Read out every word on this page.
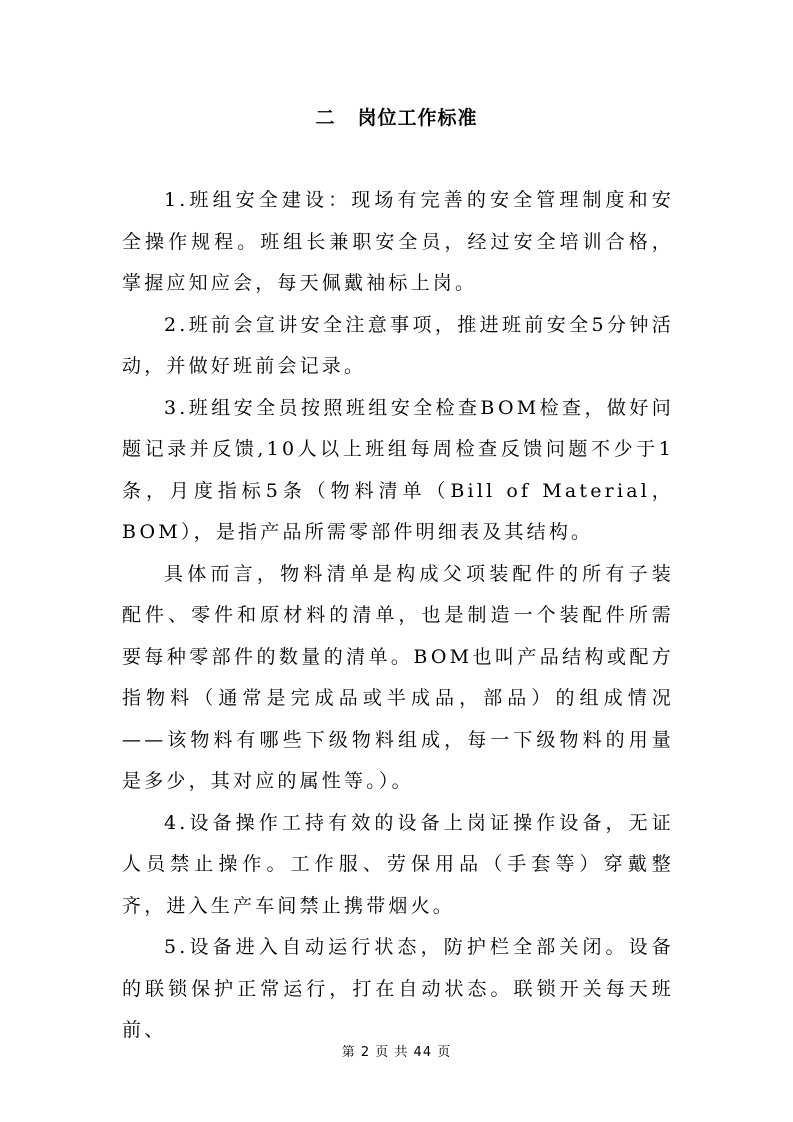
二 岗位工作标准

1.班组安全建设：现场有完善的安全管理制度和安全操作规程。班组长兼职安全员，经过安全培训合格，掌握应知应会，每天佩戴袖标上岗。

2.班前会宣讲安全注意事项，推进班前安全5分钟活动，并做好班前会记录。

3.班组安全员按照班组安全检查BOM检查，做好问题记录并反馈,10人以上班组每周检查反馈问题不少于1条，月度指标5条（物料清单（Bill of Material，BOM），是指产品所需零部件明细表及其结构。

具体而言，物料清单是构成父项装配件的所有子装配件、零件和原材料的清单，也是制造一个装配件所需要每种零部件的数量的清单。BOM也叫产品结构或配方指物料（通常是完成品或半成品，部品）的组成情况——该物料有哪些下级物料组成，每一下级物料的用量是多少，其对应的属性等。）。

4.设备操作工持有效的设备上岗证操作设备，无证人员禁止操作。工作服、劳保用品（手套等）穿戴整齐，进入生产车间禁止携带烟火。

5.设备进入自动运行状态，防护栏全部关闭。设备的联锁保护正常运行，打在自动状态。联锁开关每天班前、

第 2 页 共 44 页
